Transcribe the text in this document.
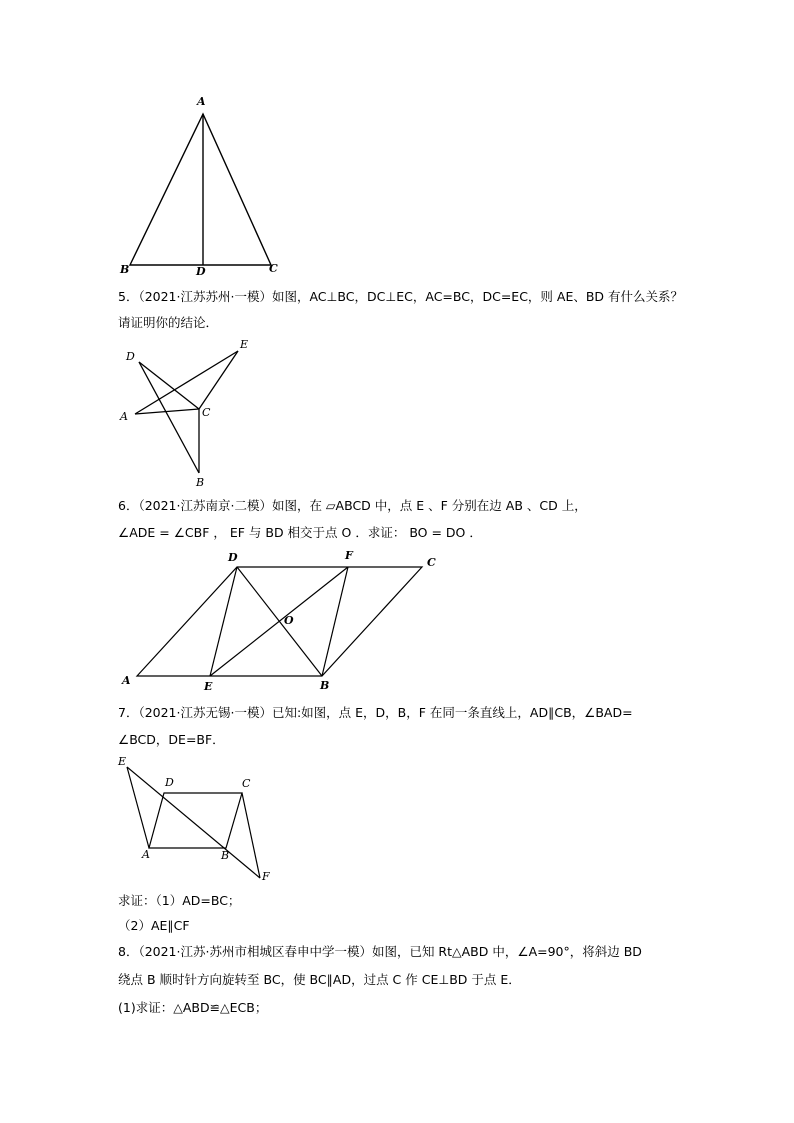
A
B	D	C
5．（2021·江苏苏州·一模）如图，AC⊥BC，DC⊥EC，AC=BC，DC=EC，则 AE、BD 有什么关系？
请证明你的结论．
D
E
A	C
B
6．（2021·江苏南京·二模）如图，在 ▱ABCD 中，点 E 、F 分别在边 AB 、CD 上，
∠ADE = ∠CBF ， EF 与 BD 相交于点 O ．求证： BO = DO ．
D	F
C
O
A	E	B
7．（2021·江苏无锡·一模）已知:如图，点 E，D，B，F 在同一条直线上，AD∥CB，∠BAD=
∠BCD，DE=BF．
E
D	C
A	B
F
求证：（1）AD=BC；
（2）AE∥CF
8．（2021·江苏·苏州市相城区春申中学一模）如图，已知 Rt△ABD 中，∠A=90°，将斜边 BD
绕点 B 顺时针方向旋转至 BC，使 BC∥AD，过点 C 作 CE⊥BD 于点 E．
(1)求证：△ABD≌△ECB；
